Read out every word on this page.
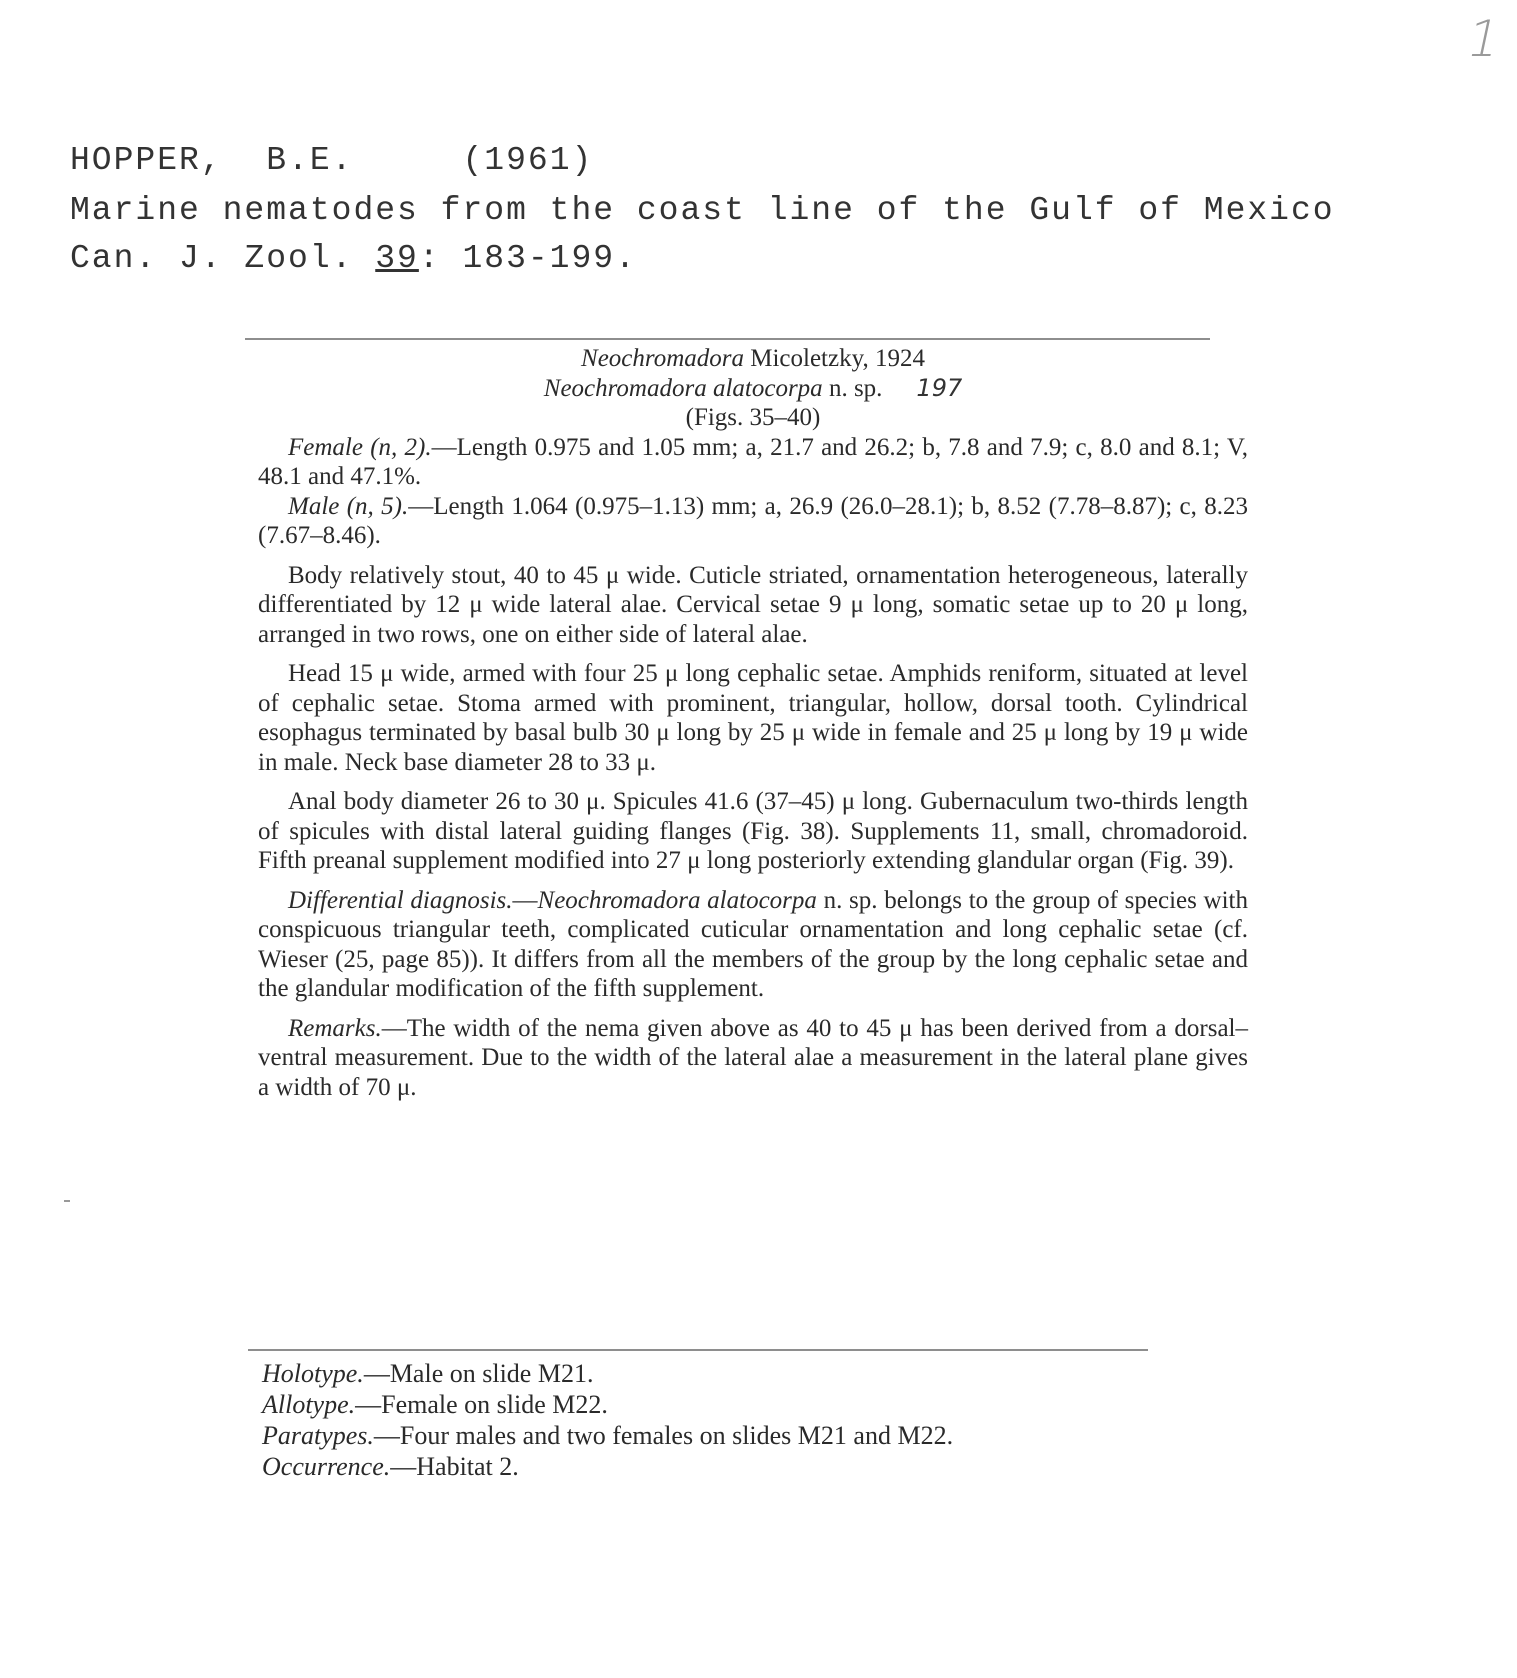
1
HOPPER,  B.E.	(1961)
Marine nematodes from the coast line of the Gulf of Mexico
Can. J. Zool. 39: 183-199.
Neochromadora Micoletzky, 1924
Neochromadora alatocorpa n. sp. 197
(Figs. 35–40)

Female (n, 2).—Length 0.975 and 1.05 mm; a, 21.7 and 26.2; b, 7.8 and 7.9; c, 8.0 and 8.1; V, 48.1 and 47.1%.

Male (n, 5).—Length 1.064 (0.975–1.13) mm; a, 26.9 (26.0–28.1); b, 8.52 (7.78–8.87); c, 8.23 (7.67–8.46).

Body relatively stout, 40 to 45 μ wide. Cuticle striated, ornamentation heterogeneous, laterally differentiated by 12 μ wide lateral alae. Cervical setae 9 μ long, somatic setae up to 20 μ long, arranged in two rows, one on either side of lateral alae.

Head 15 μ wide, armed with four 25 μ long cephalic setae. Amphids reniform, situated at level of cephalic setae. Stoma armed with prominent, triangular, hollow, dorsal tooth. Cylindrical esophagus terminated by basal bulb 30 μ long by 25 μ wide in female and 25 μ long by 19 μ wide in male. Neck base diameter 28 to 33 μ.

Anal body diameter 26 to 30 μ. Spicules 41.6 (37–45) μ long. Gubernaculum two-thirds length of spicules with distal lateral guiding flanges (Fig. 38). Supplements 11, small, chromadoroid. Fifth preanal supplement modified into 27 μ long posteriorly extending glandular organ (Fig. 39).

Differential diagnosis.—Neochromadora alatocorpa n. sp. belongs to the group of species with conspicuous triangular teeth, complicated cuticular ornamentation and long cephalic setae (cf. Wieser (25, page 85)). It differs from all the members of the group by the long cephalic setae and the glandular modification of the fifth supplement.

Remarks.—The width of the nema given above as 40 to 45 μ has been derived from a dorsal–ventral measurement. Due to the width of the lateral alae a measurement in the lateral plane gives a width of 70 μ.

Holotype.—Male on slide M21.

Allotype.—Female on slide M22.

Paratypes.—Four males and two females on slides M21 and M22.

Occurrence.—Habitat 2.
